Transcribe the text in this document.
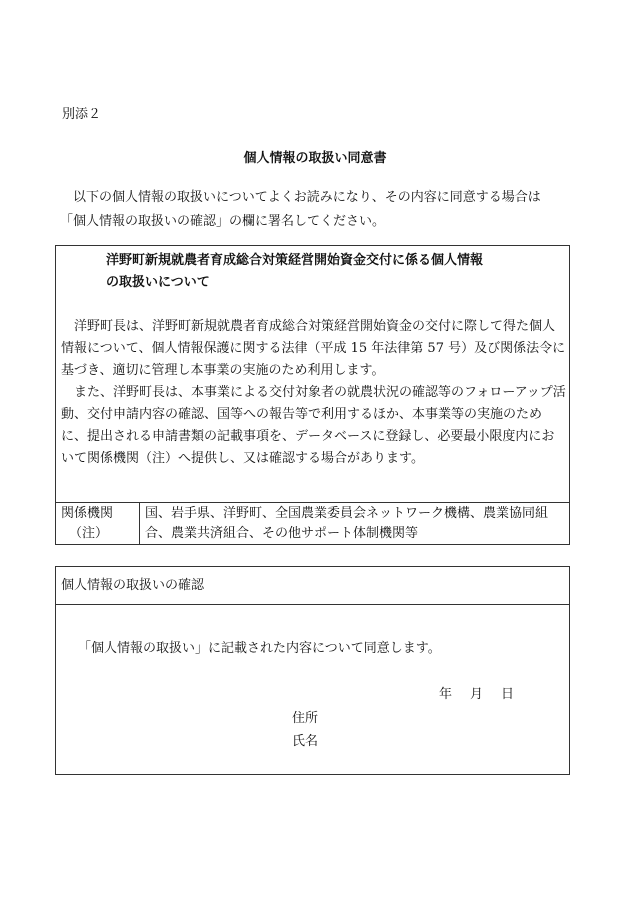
別添２
個人情報の取扱い同意書

以下の個人情報の取扱いについてよくお読みになり、その内容に同意する場合は

「個人情報の取扱いの確認」の欄に署名してください。

洋野町新規就農者育成総合対策経営開始資金交付に係る個人情報
の取扱いについて

洋野町長は、洋野町新規就農者育成総合対策経営開始資金の交付に際して得た個人情報について、個人情報保護に関する法律（平成 15 年法律第 57 号）及び関係法令に基づき、適切に管理し本事業の実施のため利用します。

また、洋野町長は、本事業による交付対象者の就農状況の確認等のフォローアップ活動、交付申請内容の確認、国等への報告等で利用するほか、本事業等の実施のために、提出される申請書類の記載事項を、データベースに登録し、必要最小限度内において関係機関（注）へ提供し、又は確認する場合があります。

関係機関
（注）
国、岩手県、洋野町、全国農業委員会ネットワーク機構、農業協同組合、農業共済組合、その他サポート体制機関等
個人情報の取扱いの確認
「個人情報の取扱い」に記載された内容について同意します。
年 月 日
住所
氏名
